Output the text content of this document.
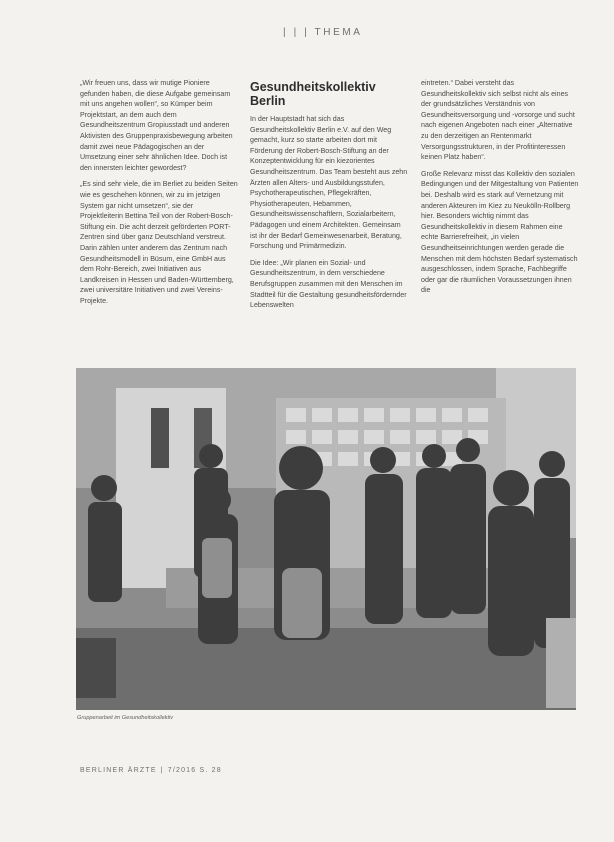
| | | THEMA

„Wir freuen uns, dass wir mutige Pioniere gefunden haben, die diese Aufgabe gemeinsam mit uns angehen wollen“, so Kümper beim Projektstart, an dem auch dem Gesundheitszentrum Gropiusstadt und anderen Aktivisten des Gruppenpraxisbewegung arbeiten damit zwei neue Pädagogischen an der Umsetzung einer sehr ähnlichen Idee. Doch ist den innersten leichter gewordest?

„Es sind sehr viele, die im Berliet zu beiden Seiten wie es geschehen können, wir zu im jetzigen System gar nicht umsetzen“, sie der Projektleiterin Bettina Teil von der Robert-Bosch-Stiftung ein. Die acht derzeit geförderten PORT-Zentren sind über ganz Deutschland verstreut. Darin zählen unter anderem das Zentrum nach Gesundheitsmodell in Büsum, eine GmbH aus dem Rohr-Bereich, zwei Initiativen aus Landkreisen in Hessen und Baden-Württemberg, zwei universitäre Initiativen und zwei Vereins-Projekte.

Gesundheitskollektiv Berlin

In der Hauptstadt hat sich das Gesundheitskollektiv Berlin e.V. auf den Weg gemacht, kurz so starte arbeiten dort mit Förderung der Robert-Bosch-Stiftung an der Konzeptentwicklung für ein kiezorientes Gesundheitszentrum. Das Team besteht aus zehn Ärzten allen Alters- und Ausbildungsstufen, Psychotherapeutischen, Pflegekräften, Physiotherapeuten, Hebammen, Gesundheitswissenschaftlern, Sozialarbeitern, Pädagogen und einem Architekten. Gemeinsam ist ihr der Bedarf Gemeinwesenarbeit, Beratung, Forschung und Primärmedizin.

Die Idee: „Wir planen ein Sozial- und Gesundheitszentrum, in dem verschiedene Berufsgruppen zusammen mit den Menschen im Stadtteil für die Gestaltung gesundheitsfördernder Lebenswelten

eintreten.“ Dabei versteht das Gesundheitskollektiv sich selbst nicht als eines der grundsätzliches Verständnis von Gesundheitsversorgung und -vorsorge und sucht nach eigenen Angeboten nach einer „Alternative zu den derzeitigen an Rentenmarkt Versorgungsstrukturen, in der Profitinteressen keinen Platz haben“.

Große Relevanz misst das Kollektiv den sozialen Bedingungen und der Mitgestaltung von Patienten bei. Deshalb wird es stark auf Vernetzung mit anderen Akteuren im Kiez zu Neukölln-Rollberg hier. Besonders wichtig nimmt das Gesundheitskollektiv in diesem Rahmen eine echte Barrierefreiheit, „in vielen Gesundheitseinrichtungen werden gerade die Menschen mit dem höchsten Bedarf systematisch ausgeschlossen, indem Sprache, Fachbegriffe oder gar die räumlichen Voraussetzungen ihnen die

Gruppenarbeit im Gesundheitskollektiv
BERLINER ÄRZTE | 7/2016 S. 28
